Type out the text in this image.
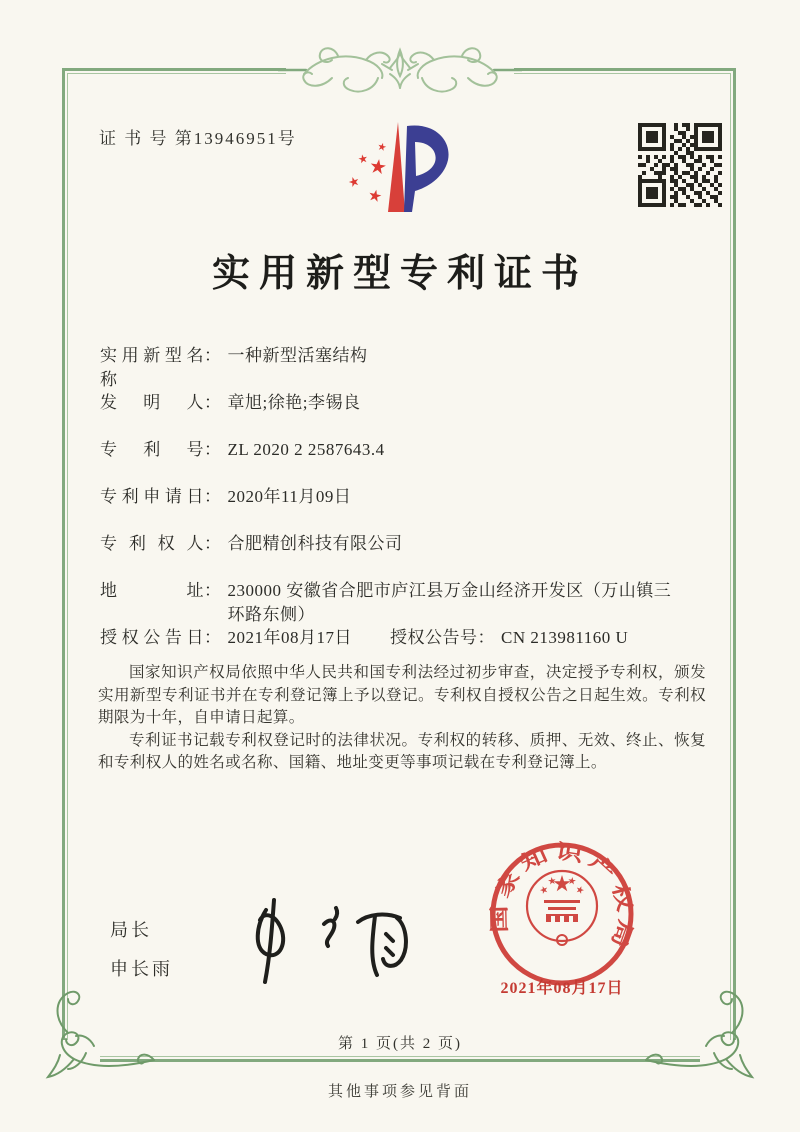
证 书 号 第13946951号
实用新型专利证书
实用新型名称： 一种新型活塞结构
发明人： 章旭;徐艳;李锡良
专利号： ZL 2020 2 2587643.4
专利申请日： 2020年11月09日
专利权人： 合肥精创科技有限公司
地址： 230000 安徽省合肥市庐江县万金山经济开发区（万山镇三环路东侧）
授权公告日： 2021年08月17日 授权公告号： CN 213981160 U

国家知识产权局依照中华人民共和国专利法经过初步审查，决定授予专利权，颁发实用新型专利证书并在专利登记簿上予以登记。专利权自授权公告之日起生效。专利权期限为十年，自申请日起算。

专利证书记载专利权登记时的法律状况。专利权的转移、质押、无效、终止、恢复和专利权人的姓名或名称、国籍、地址变更等事项记载在专利登记簿上。

局长
申长雨
国家知识产权局
2021年08月17日
第 1 页(共 2 页)
其他事项参见背面
